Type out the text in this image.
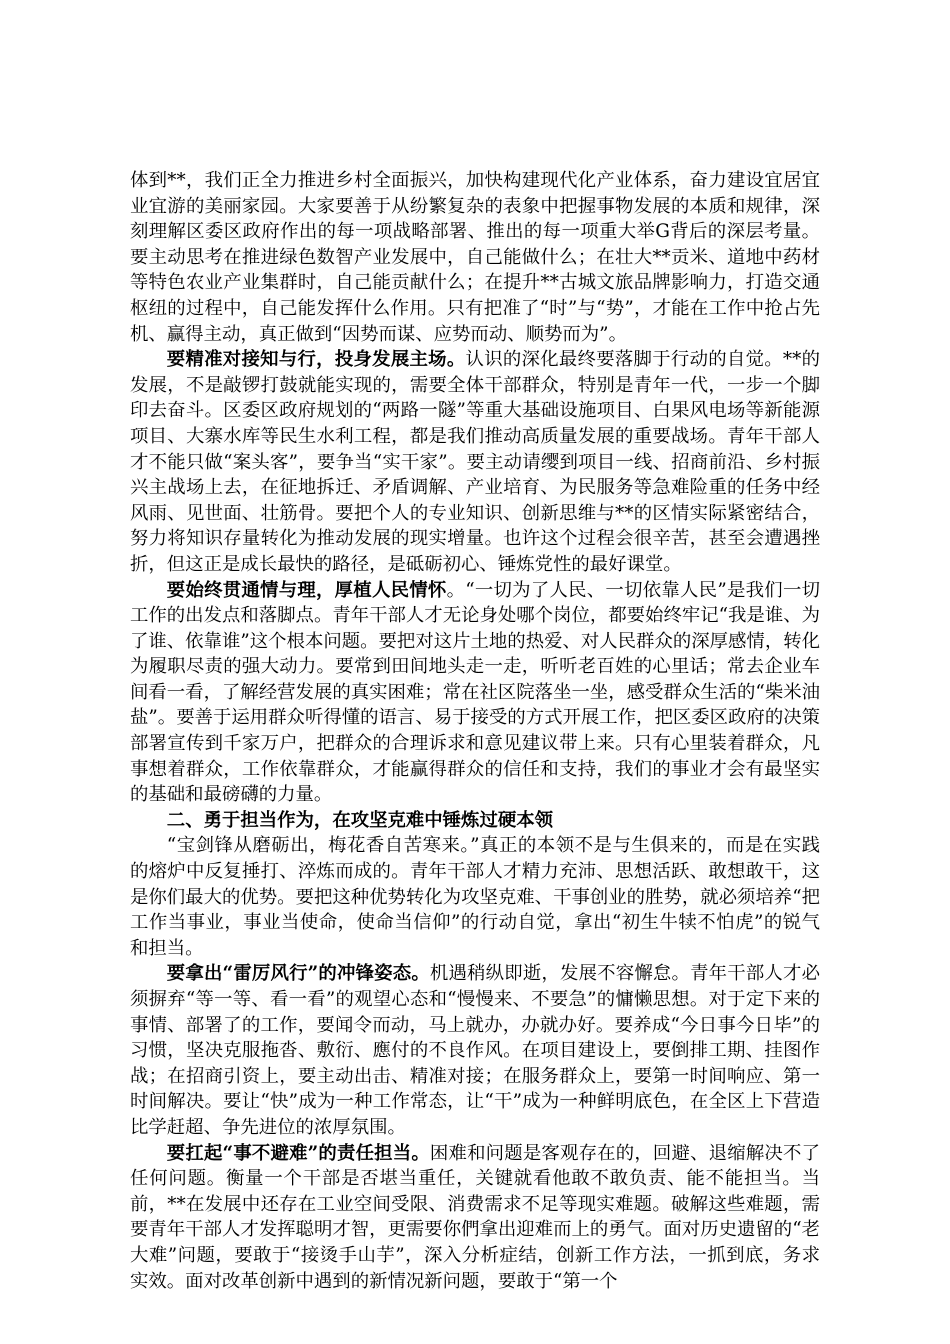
体到**，我们正全力推进乡村全面振兴，加快构建现代化产业体系，奋力建设宜居宜业宜游的美丽家园。大家要善于从纷繁复杂的表象中把握事物发展的本质和规律，深刻理解区委区政府作出的每一项战略部署、推出的每一项重大举G背后的深层考量。要主动思考在推进绿色数智产业发展中，自己能做什么；在壮大**贡米、道地中药材等特色农业产业集群时，自己能贡献什么；在提升**古城文旅品牌影响力，打造交通枢纽的过程中，自己能发挥什么作用。只有把准了“时”与“势”，才能在工作中抢占先机、赢得主动，真正做到“因势而谋、应势而动、顺势而为”。

要精准对接知与行，投身发展主场。认识的深化最终要落脚于行动的自觉。**的发展，不是敲锣打鼓就能实现的，需要全体干部群众，特别是青年一代，一步一个脚印去奋斗。区委区政府规划的“两路一隧”等重大基础设施项目、白果风电场等新能源项目、大寨水库等民生水利工程，都是我们推动高质量发展的重要战场。青年干部人才不能只做“案头客”，要争当“实干家”。要主动请缨到项目一线、招商前沿、乡村振兴主战场上去，在征地拆迁、矛盾调解、产业培育、为民服务等急难险重的任务中经风雨、见世面、壮筋骨。要把个人的专业知识、创新思维与**的区情实际紧密结合，努力将知识存量转化为推动发展的现实增量。也许这个过程会很辛苦，甚至会遭遇挫折，但这正是成长最快的路径，是砥砺初心、锤炼党性的最好课堂。

要始终贯通情与理，厚植人民情怀。“一切为了人民、一切依靠人民”是我们一切工作的出发点和落脚点。青年干部人才无论身处哪个岗位，都要始终牢记“我是谁、为了谁、依靠谁”这个根本问题。要把对这片土地的热爱、对人民群众的深厚感情，转化为履职尽责的强大动力。要常到田间地头走一走，听听老百姓的心里话；常去企业车间看一看，了解经营发展的真实困难；常在社区院落坐一坐，感受群众生活的“柴米油盐”。要善于运用群众听得懂的语言、易于接受的方式开展工作，把区委区政府的决策部署宣传到千家万户，把群众的合理诉求和意见建议带上来。只有心里装着群众，凡事想着群众，工作依靠群众，才能赢得群众的信任和支持，我们的事业才会有最坚实的基础和最磅礴的力量。

二、勇于担当作为，在攻坚克难中锤炼过硬本领

“宝剑锋从磨砺出，梅花香自苦寒来。”真正的本领不是与生俱来的，而是在实践的熔炉中反复捶打、淬炼而成的。青年干部人才精力充沛、思想活跃、敢想敢干，这是你们最大的优势。要把这种优势转化为攻坚克难、干事创业的胜势，就必须培养“把工作当事业，事业当使命，使命当信仰”的行动自觉，拿出“初生牛犊不怕虎”的锐气和担当。

要拿出“雷厉风行”的冲锋姿态。机遇稍纵即逝，发展不容懈怠。青年干部人才必须摒弃“等一等、看一看”的观望心态和“慢慢来、不要急”的慵懒思想。对于定下来的事情、部署了的工作，要闻令而动，马上就办，办就办好。要养成“今日事今日毕”的习惯，坚决克服拖沓、敷衍、應付的不良作风。在项目建设上，要倒排工期、挂图作战；在招商引资上，要主动出击、精准对接；在服务群众上，要第一时间响应、第一时间解决。要让“快”成为一种工作常态，让“干”成为一种鲜明底色，在全区上下营造比学赶超、争先进位的浓厚氛围。

要扛起“事不避难”的责任担当。困难和问题是客观存在的，回避、退缩解决不了任何问题。衡量一个干部是否堪当重任，关键就看他敢不敢负责、能不能担当。当前，**在发展中还存在工业空间受限、消费需求不足等现实难题。破解这些难题，需要青年干部人才发挥聪明才智，更需要你們拿出迎难而上的勇气。面对历史遗留的“老大难”问题，要敢于“接烫手山芋”，深入分析症结，创新工作方法，一抓到底，务求实效。面对改革创新中遇到的新情况新问题，要敢于“第一个
